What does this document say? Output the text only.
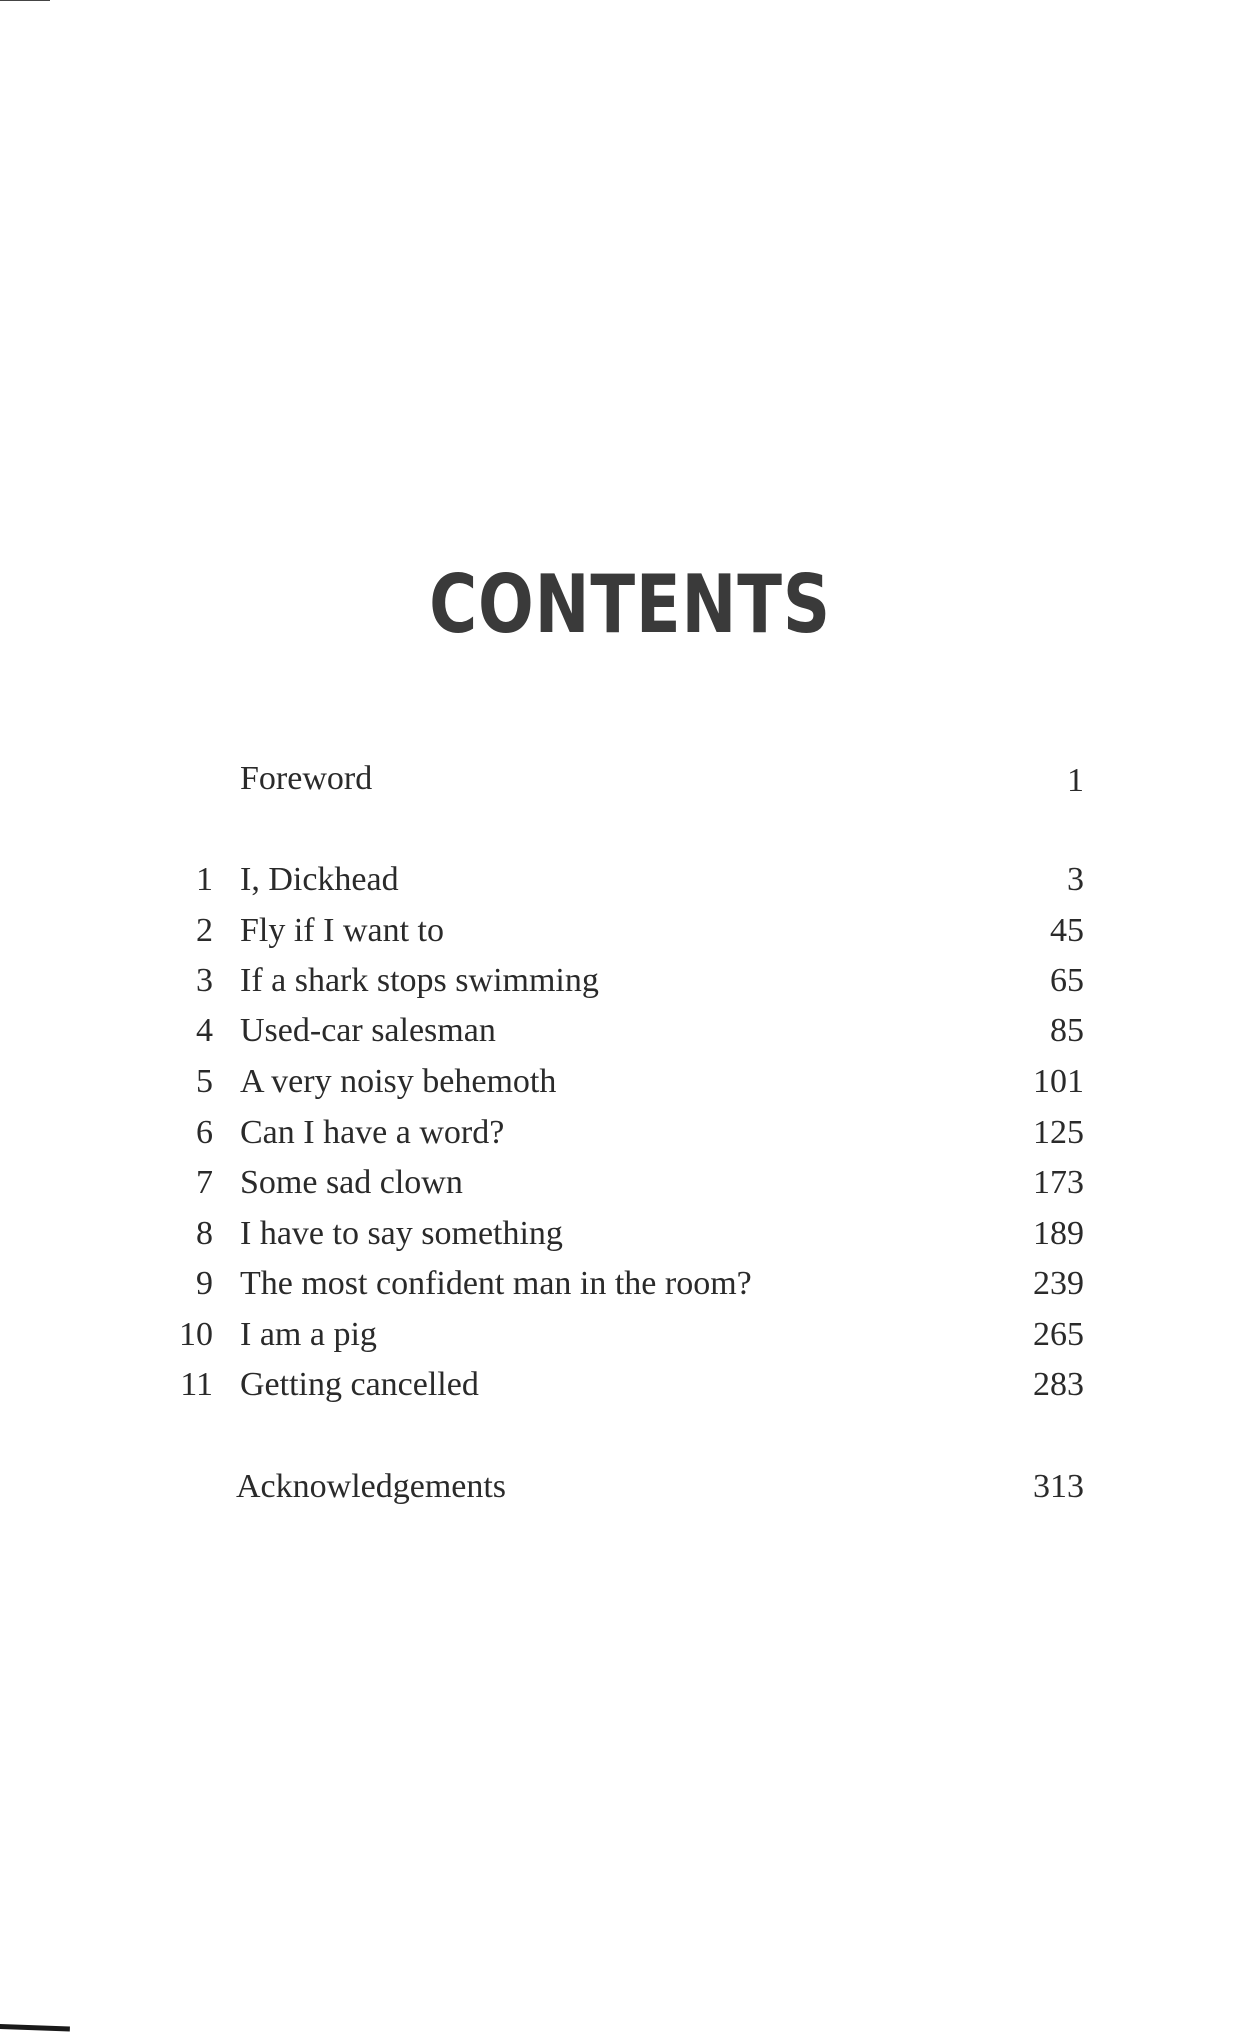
CONTENTS
Foreword	1
1 I, Dickhead	3
2 Fly if I want to	45
3 If a shark stops swimming	65
4 Used-car salesman	85
5 A very noisy behemoth	101
6 Can I have a word?	125
7 Some sad clown	173
8 I have to say something	189
9 The most confident man in the room?	239
10 I am a pig	265
11 Getting cancelled	283
Acknowledgements	313
